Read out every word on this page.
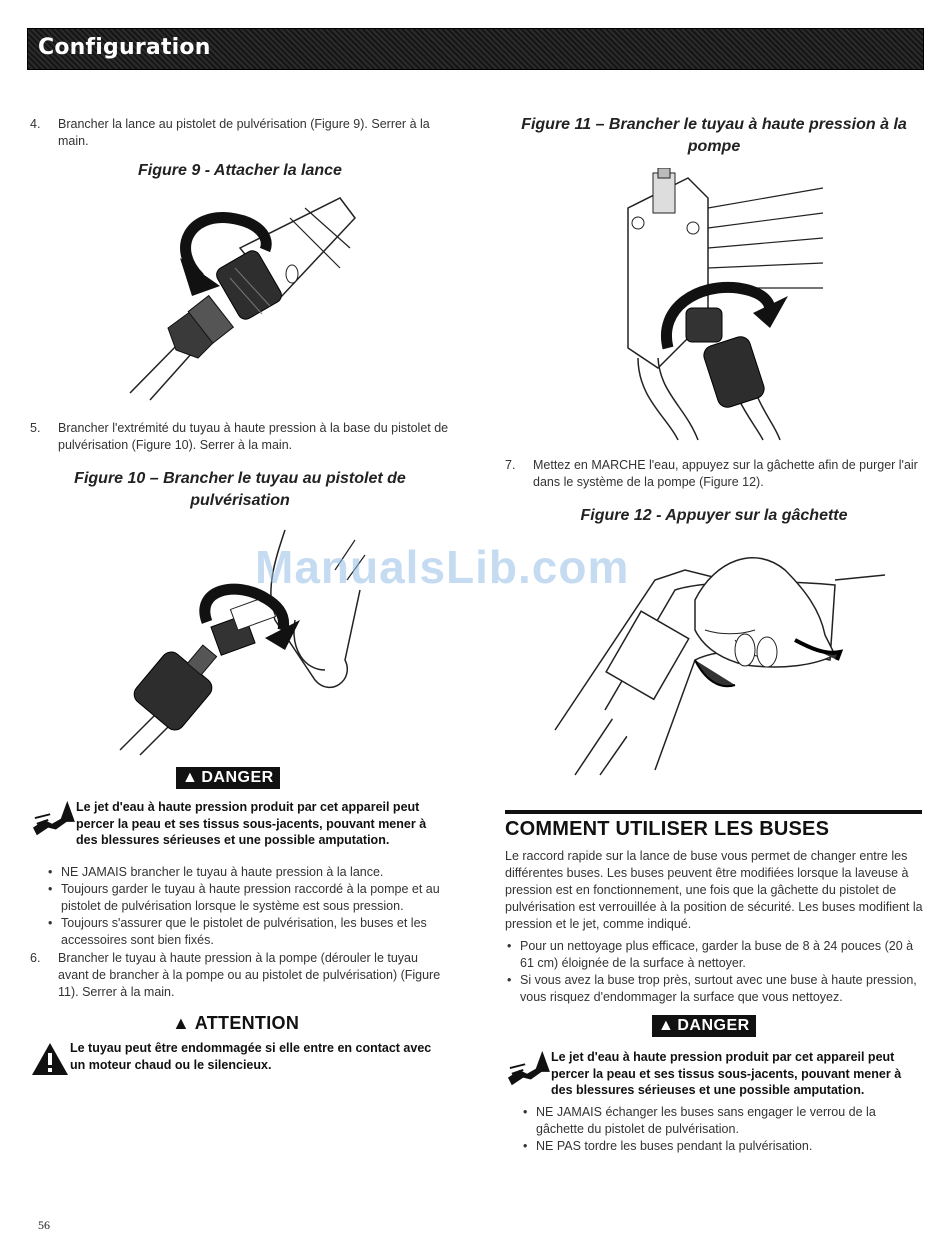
Configuration
4.	Brancher la lance au pistolet de pulvérisation (Figure 9). Serrer à la main.
Figure 9 - Attacher la lance
5.	Brancher l'extrémité du tuyau à haute pression à la base du pistolet de pulvérisation (Figure 10). Serrer à la main.
Figure 10 – Brancher le tuyau au pistolet de pulvérisation
▲ DANGER
Le jet d'eau à haute pression produit par cet appareil peut percer la peau et ses tissus sous-jacents, pouvant mener à des blessures sérieuses et une possible amputation.
• NE JAMAIS brancher le tuyau à haute pression à la lance.
• Toujours garder le tuyau à haute pression raccordé à la pompe et au pistolet de pulvérisation lorsque le système est sous pression.
• Toujours s'assurer que le pistolet de pulvérisation, les buses et les accessoires sont bien fixés.
6.	Brancher le tuyau à haute pression à la pompe (dérouler le tuyau avant de brancher à la pompe ou au pistolet de pulvérisation) (Figure 11). Serrer à la main.
▲ ATTENTION
Le tuyau peut être endommagée si elle entre en contact avec un moteur chaud ou le silencieux.
Figure 11 – Brancher le tuyau à haute pression à la pompe
7.	Mettez en MARCHE l'eau, appuyez sur la gâchette afin de purger l'air dans le système de la pompe (Figure 12).
Figure 12 - Appuyer sur la gâchette
COMMENT UTILISER LES BUSES
Le raccord rapide sur la lance de buse vous permet de changer entre les différentes buses. Les buses peuvent être modifiées lorsque la laveuse à pression est en fonctionnement, une fois que la gâchette du pistolet de pulvérisation est verrouillée à la position de sécurité. Les buses modifient la pression et le jet, comme indiqué.
• Pour un nettoyage plus efficace, garder la buse de 8 à 24 pouces (20 à 61 cm) éloignée de la surface à nettoyer.
• Si vous avez la buse trop près, surtout avec une buse à haute pression, vous risquez d'endommager la surface que vous nettoyez.
▲ DANGER
Le jet d'eau à haute pression produit par cet appareil peut percer la peau et ses tissus sous-jacents, pouvant mener à des blessures sérieuses et une possible amputation.
• NE JAMAIS échanger les buses sans engager le verrou de la gâchette du pistolet de pulvérisation.
• NE PAS tordre les buses pendant la pulvérisation.
ManualsLib.com
56
